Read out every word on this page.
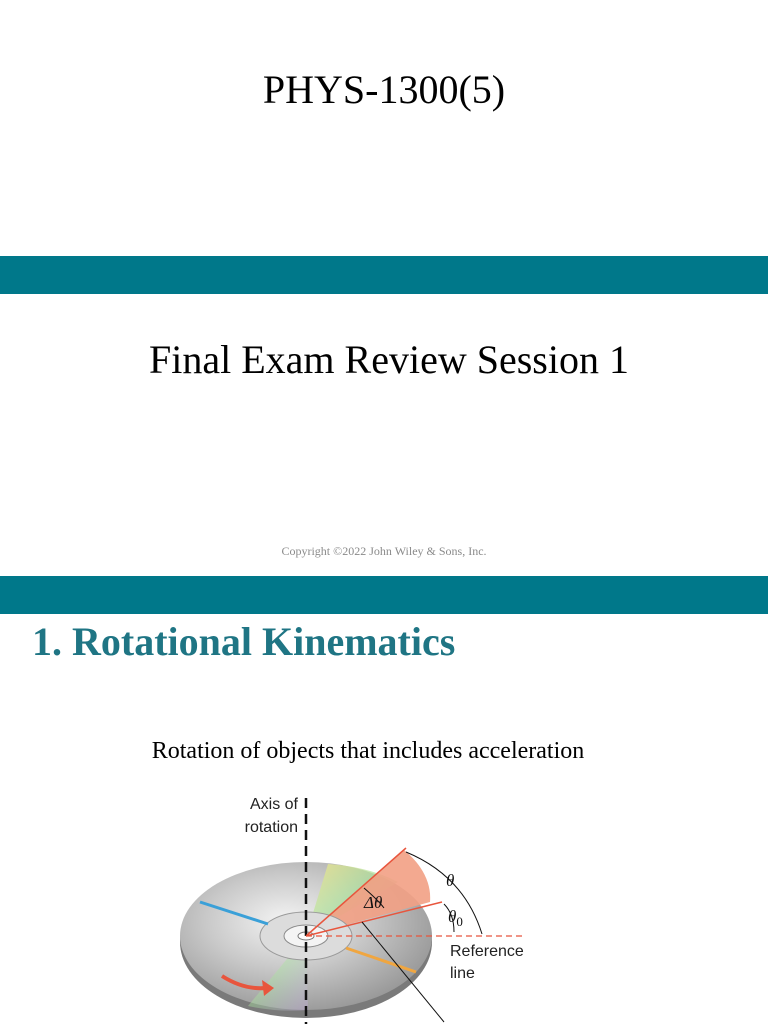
PHYS-1300(5)
Final Exam Review Session 1
Copyright ©2022 John Wiley & Sons, Inc.
1. Rotational Kinematics
Rotation of objects that includes acceleration
Axis of
rotation
θ
Δθ
$\theta_0$
Reference
line
